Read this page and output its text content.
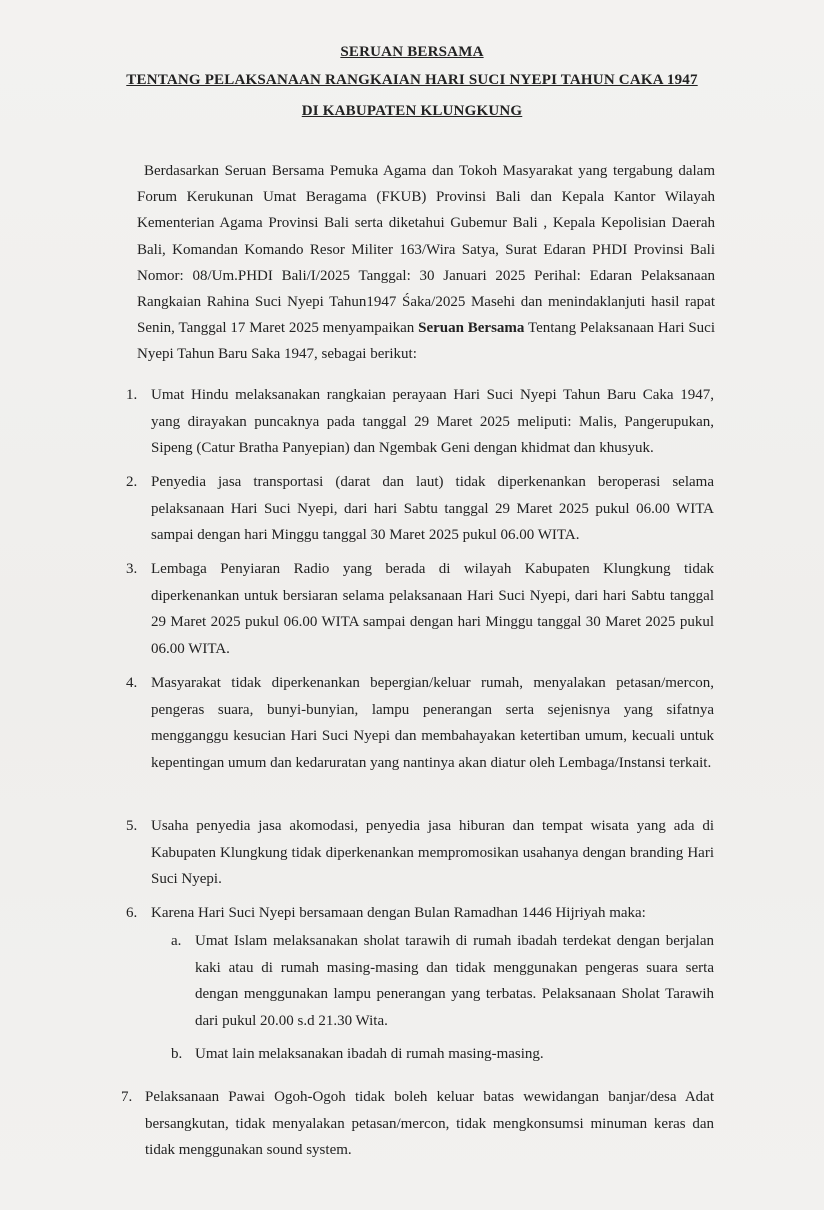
SERUAN BERSAMA
TENTANG PELAKSANAAN RANGKAIAN HARI SUCI NYEPI TAHUN CAKA 1947
DI KABUPATEN KLUNGKUNG
Berdasarkan Seruan Bersama Pemuka Agama dan Tokoh Masyarakat yang tergabung dalam Forum Kerukunan Umat Beragama (FKUB) Provinsi Bali dan Kepala Kantor Wilayah Kementerian Agama Provinsi Bali serta diketahui Gubemur Bali , Kepala Kepolisian Daerah Bali, Komandan Komando Resor Militer 163/Wira Satya, Surat Edaran PHDI Provinsi Bali Nomor: 08/Um.PHDI Bali/I/2025 Tanggal: 30 Januari 2025 Perihal: Edaran Pelaksanaan Rangkaian Rahina Suci Nyepi Tahun1947 Śaka/2025 Masehi dan menindaklanjuti hasil rapat Senin, Tanggal 17 Maret 2025 menyampaikan Seruan Bersama Tentang Pelaksanaan Hari Suci Nyepi Tahun Baru Saka 1947, sebagai berikut:
1. Umat Hindu melaksanakan rangkaian perayaan Hari Suci Nyepi Tahun Baru Caka 1947, yang dirayakan puncaknya pada tanggal 29 Maret 2025 meliputi: Malis, Pangerupukan, Sipeng (Catur Bratha Panyepian) dan Ngembak Geni dengan khidmat dan khusyuk.
2. Penyedia jasa transportasi (darat dan laut) tidak diperkenankan beroperasi selama pelaksanaan Hari Suci Nyepi, dari hari Sabtu tanggal 29 Maret 2025 pukul 06.00 WITA sampai dengan hari Minggu tanggal 30 Maret 2025 pukul 06.00 WITA.
3. Lembaga Penyiaran Radio yang berada di wilayah Kabupaten Klungkung tidak diperkenankan untuk bersiaran selama pelaksanaan Hari Suci Nyepi, dari hari Sabtu tanggal 29 Maret 2025 pukul 06.00 WITA sampai dengan hari Minggu tanggal 30 Maret 2025 pukul 06.00 WITA.
4. Masyarakat tidak diperkenankan bepergian/keluar rumah, menyalakan petasan/mercon, pengeras suara, bunyi-bunyian, lampu penerangan serta sejenisnya yang sifatnya mengganggu kesucian Hari Suci Nyepi dan membahayakan ketertiban umum, kecuali untuk kepentingan umum dan kedaruratan yang nantinya akan diatur oleh Lembaga/Instansi terkait.
5. Usaha penyedia jasa akomodasi, penyedia jasa hiburan dan tempat wisata yang ada di Kabupaten Klungkung tidak diperkenankan mempromosikan usahanya dengan branding Hari Suci Nyepi.
6. Karena Hari Suci Nyepi bersamaan dengan Bulan Ramadhan 1446 Hijriyah maka:
a. Umat Islam melaksanakan sholat tarawih di rumah ibadah terdekat dengan berjalan kaki atau di rumah masing-masing dan tidak menggunakan pengeras suara serta dengan menggunakan lampu penerangan yang terbatas. Pelaksanaan Sholat Tarawih dari pukul 20.00 s.d 21.30 Wita.
b. Umat lain melaksanakan ibadah di rumah masing-masing.
7. Pelaksanaan Pawai Ogoh-Ogoh tidak boleh keluar batas wewidangan banjar/desa Adat bersangkutan, tidak menyalakan petasan/mercon, tidak mengkonsumsi minuman keras dan tidak menggunakan sound system.
